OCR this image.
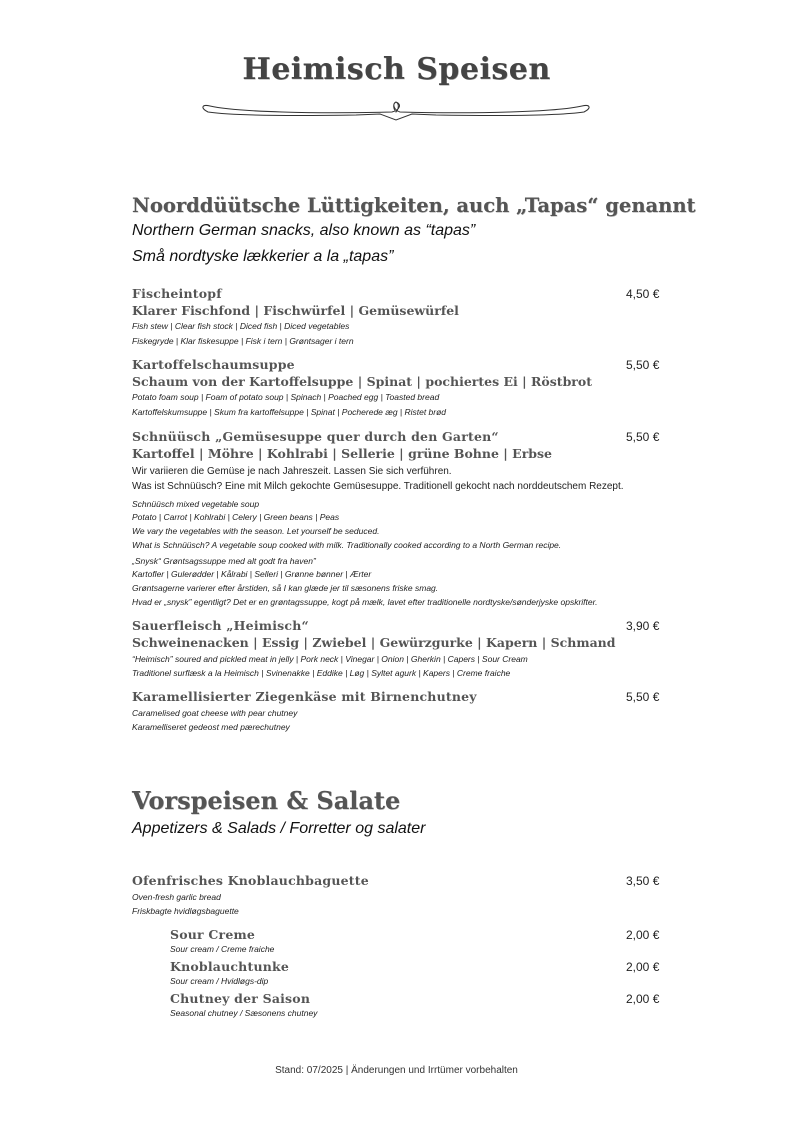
Heimisch Speisen
Noorddüütsche Lüttigkeiten, auch „Tapas“ genannt
Northern German snacks, also known as “tapas”
Små nordtyske lækkerier a la „tapas”
Fischeintopf	4,50 €
Klarer Fischfond | Fischwürfel | Gemüsewürfel
Fish stew | Clear fish stock | Diced fish | Diced vegetables
Fiskegryde | Klar fiskesuppe | Fisk i tern | Grøntsager i tern
Kartoffelschaumsuppe	5,50 €
Schaum von der Kartoffelsuppe | Spinat | pochiertes Ei | Röstbrot
Potato foam soup | Foam of potato soup | Spinach | Poached egg | Toasted bread
Kartoffelskumsuppe | Skum fra kartoffelsuppe | Spinat | Pocherede æg | Ristet brød
Schnüüsch „Gemüsesuppe quer durch den Garten“	5,50 €
Kartoffel | Möhre | Kohlrabi | Sellerie | grüne Bohne | Erbse
Wir variieren die Gemüse je nach Jahreszeit. Lassen Sie sich verführen.
Was ist Schnüüsch? Eine mit Milch gekochte Gemüsesuppe. Traditionell gekocht nach norddeutschem Rezept.
Schnüüsch mixed vegetable soup
Potato | Carrot | Kohlrabi | Celery | Green beans | Peas
We vary the vegetables with the season. Let yourself be seduced.
What is Schnüüsch? A vegetable soup cooked with milk. Traditionally cooked according to a North German recipe.
„Snysk“ Grøntsagssuppe med alt godt fra haven”
Kartofler | Gulerødder | Kålrabi | Selleri | Grønne bønner | Ærter
Grøntsagerne varierer efter årstiden, så I kan glæde jer til sæsonens friske smag.
Hvad er „snysk” egentligt? Det er en grøntagssuppe, kogt på mælk, lavet efter traditionelle nordtyske/sønderjyske opskrifter.
Sauerfleisch „Heimisch“	3,90 €
Schweinenacken | Essig | Zwiebel | Gewürzgurke | Kapern | Schmand
“Heimisch” soured and pickled meat in jelly | Pork neck | Vinegar | Onion | Gherkin | Capers | Sour Cream
Traditionel surflæsk a la Heimisch | Svinenakke | Eddike | Løg | Syltet agurk | Kapers | Creme fraiche
Karamellisierter Ziegenkäse mit Birnenchutney	5,50 €
Caramelised goat cheese with pear chutney
Karamelliseret gedeost med pærechutney
Vorspeisen & Salate
Appetizers & Salads / Forretter og salater
Ofenfrisches Knoblauchbaguette	3,50 €
Oven-fresh garlic bread
Friskbagte hvidløgsbaguette
Sour Creme	2,00 €
Sour cream / Creme fraiche
Knoblauchtunke	2,00 €
Sour cream / Hvidløgs-dip
Chutney der Saison	2,00 €
Seasonal chutney / Sæsonens chutney
Stand: 07/2025 | Änderungen und Irrtümer vorbehalten
